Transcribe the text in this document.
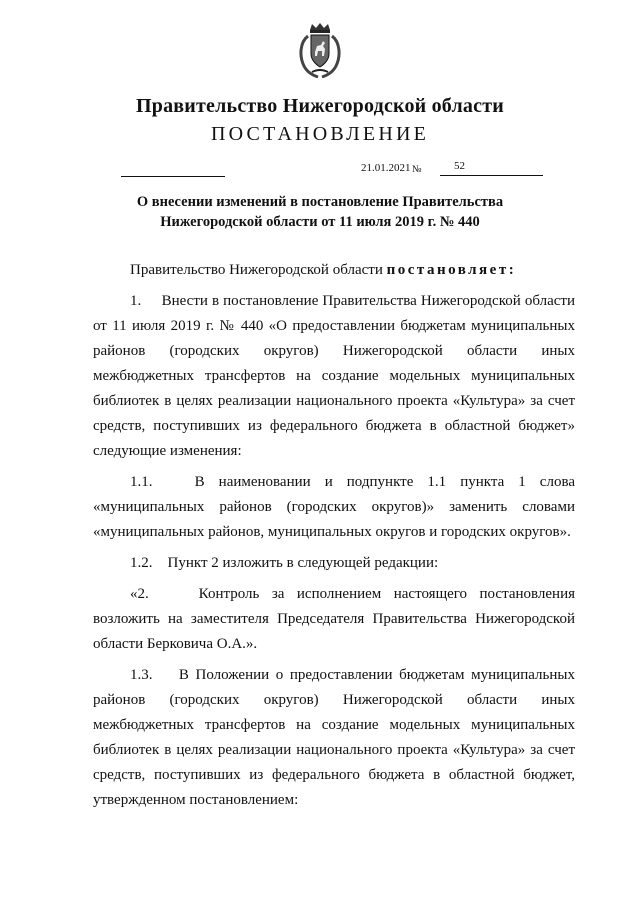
Правительство Нижегородской области
ПОСТАНОВЛЕНИЕ
21.01.2021 №	52
О внесении изменений в постановление Правительства
Нижегородской области от 11 июля 2019 г. № 440

Правительство Нижегородской области постановляет:

1.     Внести в постановление Правительства Нижегородской области от 11 июля 2019 г. № 440 «О предоставлении бюджетам муниципальных районов (городских округов) Нижегородской области иных межбюджетных трансфертов на создание модельных муниципальных библиотек в целях реализации национального проекта «Культура» за счет средств, поступивших из федерального бюджета в областной бюджет» следующие изменения:

1.1.   В наименовании и подпункте 1.1 пункта 1 слова «муниципальных районов (городских округов)» заменить словами «муниципальных районов, муниципальных округов и городских округов».

1.2.    Пункт 2 изложить в следующей редакции:

«2.    Контроль за исполнением настоящего постановления возложить на заместителя Председателя Правительства Нижегородской области Берковича О.А.».

1.3.    В Положении о предоставлении бюджетам муниципальных районов (городских округов) Нижегородской области иных межбюджетных трансфертов на создание модельных муниципальных библиотек в целях реализации национального проекта «Культура» за счет средств, поступивших из федерального бюджета в областной бюджет, утвержденном постановлением:
